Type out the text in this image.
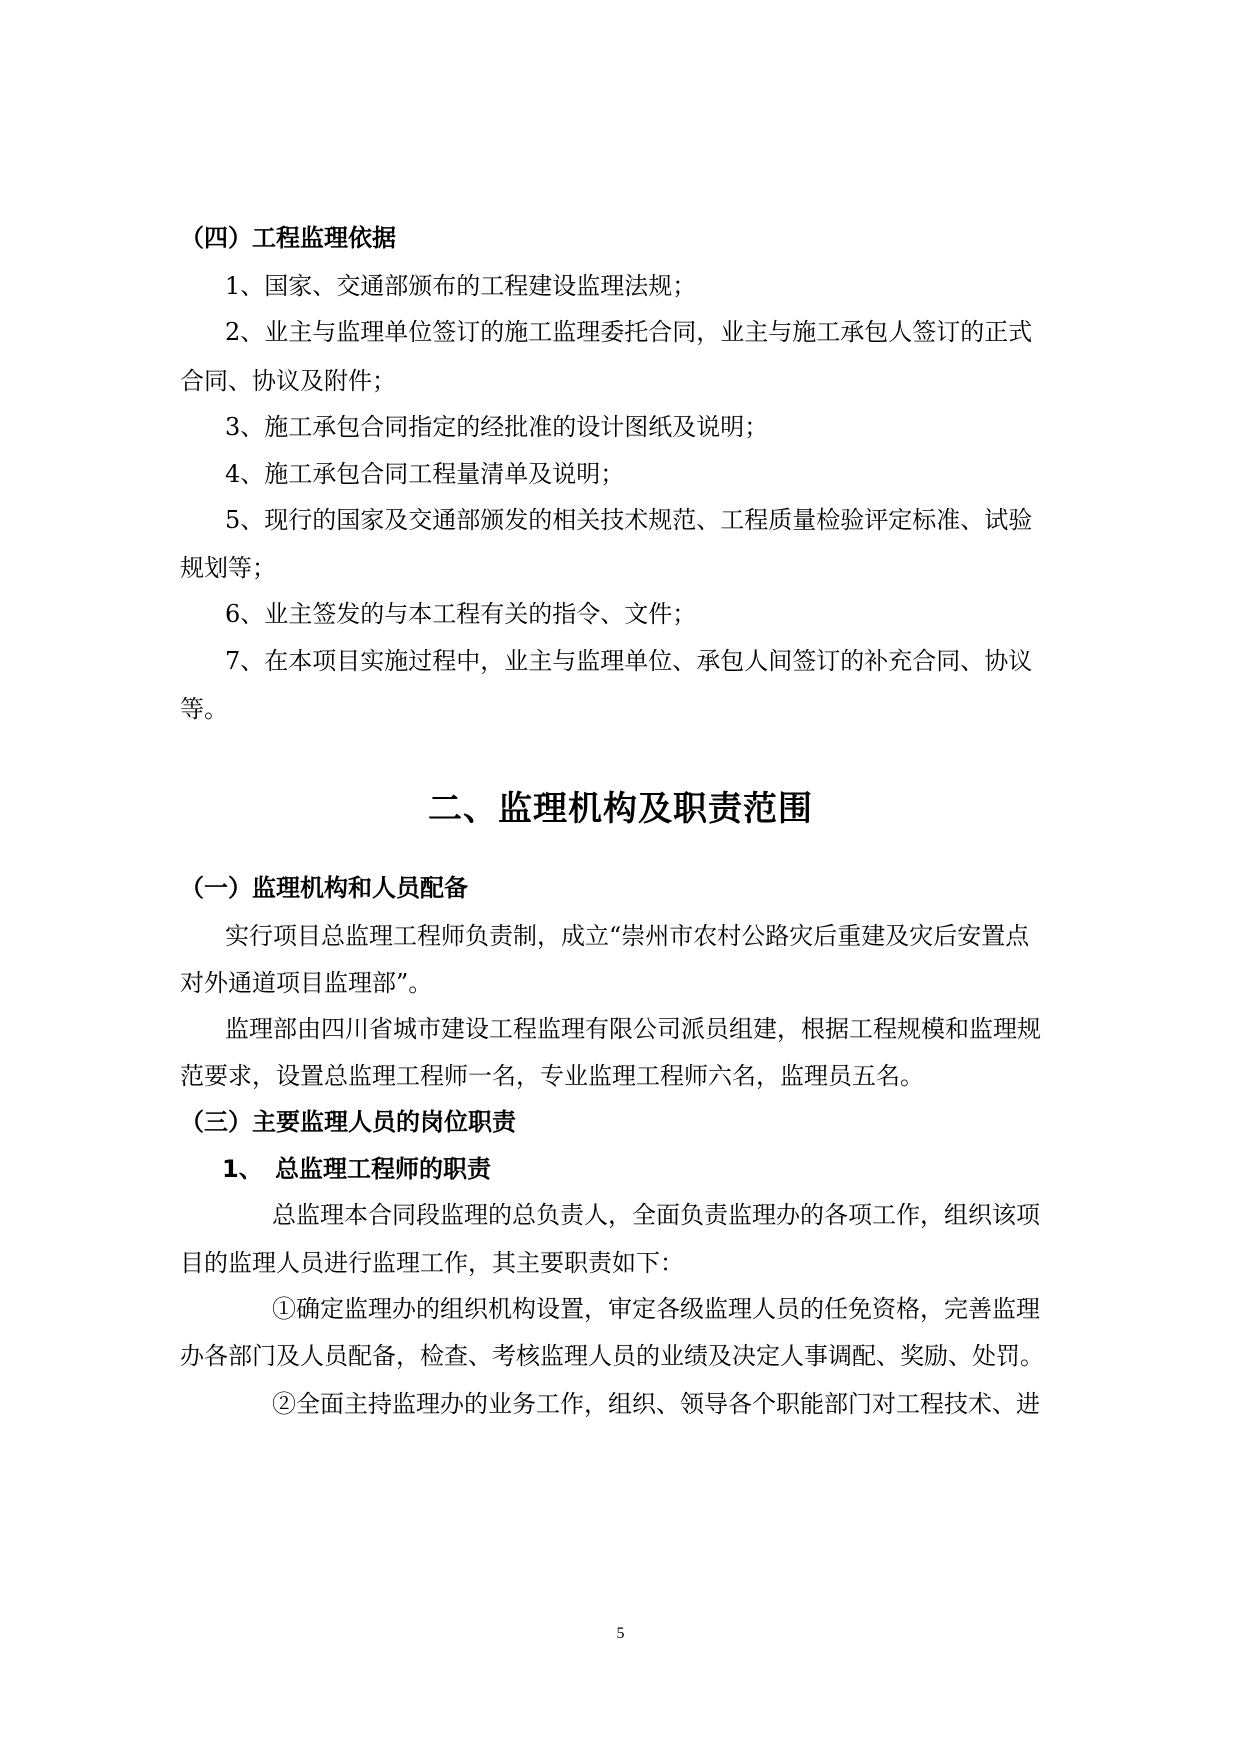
（四）工程监理依据
1、国家、交通部颁布的工程建设监理法规；
2、业主与监理单位签订的施工监理委托合同，业主与施工承包人签订的正式
合同、协议及附件；
3、施工承包合同指定的经批准的设计图纸及说明；
4、施工承包合同工程量清单及说明；
5、现行的国家及交通部颁发的相关技术规范、工程质量检验评定标准、试验
规划等；
6、业主签发的与本工程有关的指令、文件；
7、在本项目实施过程中，业主与监理单位、承包人间签订的补充合同、协议
等。
二、监理机构及职责范围
（一）监理机构和人员配备
实行项目总监理工程师负责制，成立“崇州市农村公路灾后重建及灾后安置点
对外通道项目监理部”。
监理部由四川省城市建设工程监理有限公司派员组建，根据工程规模和监理规
范要求，设置总监理工程师一名，专业监理工程师六名，监理员五名。
（三）主要监理人员的岗位职责
1、 总监理工程师的职责
总监理本合同段监理的总负责人，全面负责监理办的各项工作，组织该项
目的监理人员进行监理工作，其主要职责如下：
①确定监理办的组织机构设置，审定各级监理人员的任免资格，完善监理
办各部门及人员配备，检查、考核监理人员的业绩及决定人事调配、奖励、处罚。
②全面主持监理办的业务工作，组织、领导各个职能部门对工程技术、进
5
